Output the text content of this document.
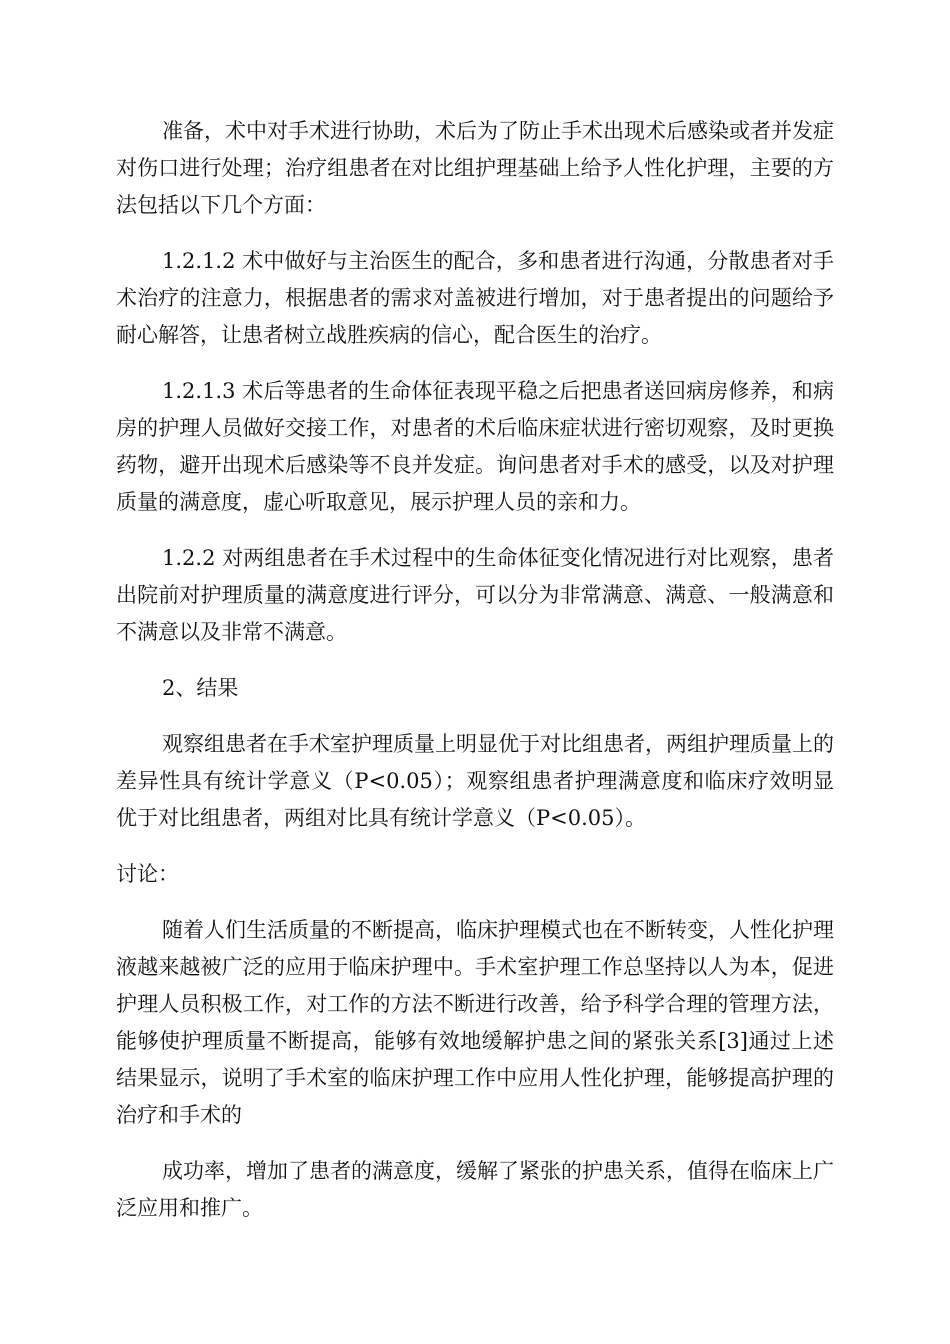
准备，术中对手术进行协助，术后为了防止手术出现术后感染或者并发症对伤口进行处理；治疗组患者在对比组护理基础上给予人性化护理，主要的方法包括以下几个方面：

1.2.1.2 术中做好与主治医生的配合，多和患者进行沟通，分散患者对手术治疗的注意力，根据患者的需求对盖被进行增加，对于患者提出的问题给予耐心解答，让患者树立战胜疾病的信心，配合医生的治疗。

1.2.1.3 术后等患者的生命体征表现平稳之后把患者送回病房修养，和病房的护理人员做好交接工作，对患者的术后临床症状进行密切观察，及时更换药物，避开出现术后感染等不良并发症。询问患者对手术的感受，以及对护理质量的满意度，虚心听取意见，展示护理人员的亲和力。

1.2.2 对两组患者在手术过程中的生命体征变化情况进行对比观察，患者出院前对护理质量的满意度进行评分，可以分为非常满意、满意、一般满意和不满意以及非常不满意。

2、结果

观察组患者在手术室护理质量上明显优于对比组患者，两组护理质量上的差异性具有统计学意义（P<0.05）；观察组患者护理满意度和临床疗效明显优于对比组患者，两组对比具有统计学意义（P<0.05）。

讨论：

随着人们生活质量的不断提高，临床护理模式也在不断转变，人性化护理液越来越被广泛的应用于临床护理中。手术室护理工作总坚持以人为本，促进护理人员积极工作，对工作的方法不断进行改善，给予科学合理的管理方法，能够使护理质量不断提高，能够有效地缓解护患之间的紧张关系[3]通过上述结果显示，说明了手术室的临床护理工作中应用人性化护理，能够提高护理的治疗和手术的

成功率，增加了患者的满意度，缓解了紧张的护患关系，值得在临床上广泛应用和推广。
